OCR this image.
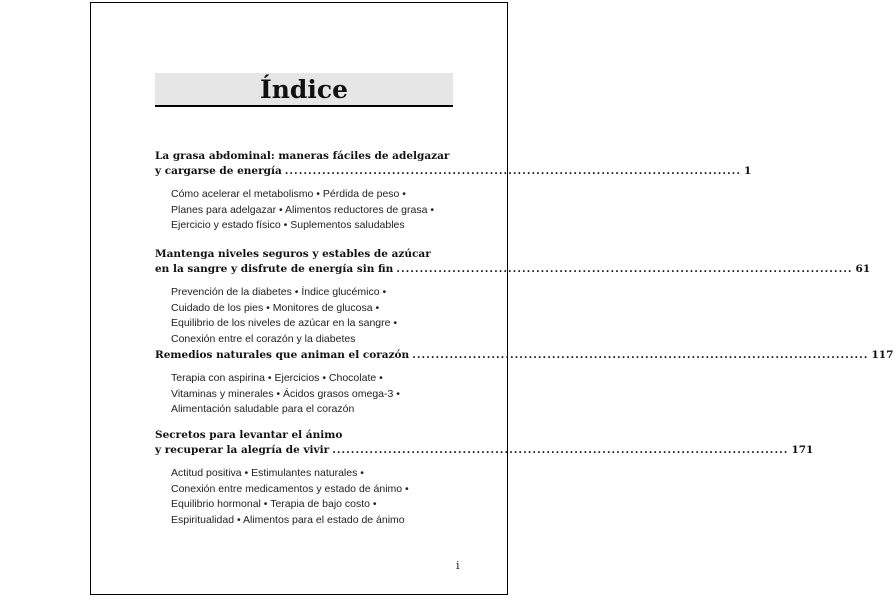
Índice
La grasa abdominal: maneras fáciles de adelgazar
y cargarse de energía .................................................................................................. 1
Cómo acelerar el metabolismo • Pérdida de peso •
Planes para adelgazar • Alimentos reductores de grasa •
Ejercicio y estado físico • Suplementos saludables
Mantenga niveles seguros y estables de azúcar
en la sangre y disfrute de energía sin fin .................................................................................................. 61
Prevención de la diabetes • Índice glucémico •
Cuidado de los pies • Monitores de glucosa •
Equilibrio de los niveles de azúcar en la sangre •
Conexión entre el corazón y la diabetes
Remedios naturales que animan el corazón .................................................................................................. 117
Terapia con aspirina • Ejercicios • Chocolate •
Vitaminas y minerales • Ácidos grasos omega-3 •
Alimentación saludable para el corazón
Secretos para levantar el ánimo
y recuperar la alegría de vivir .................................................................................................. 171
Actitud positiva • Estimulantes naturales •
Conexión entre medicamentos y estado de ánimo •
Equilibrio hormonal • Terapia de bajo costo •
Espiritualidad • Alimentos para el estado de ánimo
i
